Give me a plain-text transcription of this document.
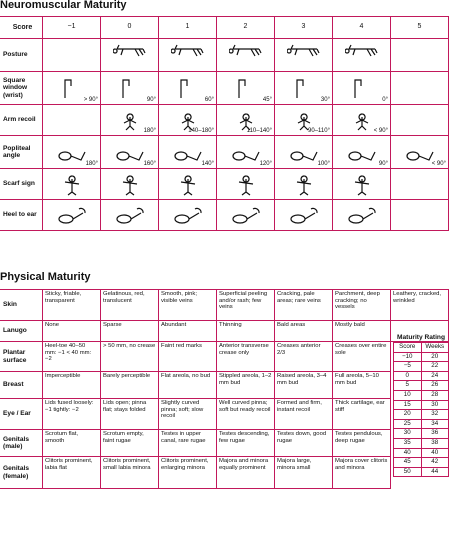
Neuromuscular Maturity
Score	−1	0	1	2	3	4	5
Posture		

Square window (wrist)	> 90°	90°	60°	45°	30°	0°	

Arm recoil		180°	140–180°	110–140°	90–110°	< 90°	

Popliteal angle	180°	160°	140°	120°	100°	90°	< 90°

Scarf sign	

Heel to ear	

Physical Maturity
Skin	Sticky, friable, transparent	Gelatinous, red, translucent	Smooth, pink; visible veins	Superficial peeling and/or rash; few veins	Cracking, pale areas; rare veins	Parchment, deep cracking; no vessels	Leathery, cracked, wrinkled
Lanugo	None	Sparse	Abundant	Thinning	Bald areas	Mostly bald	
Plantar surface	Heel-toe 40–50 mm: −1 < 40 mm: −2	> 50 mm, no crease	Faint red marks	Anterior transverse crease only	Creases anterior 2/3	Creases over entire sole	
Breast	Imperceptible	Barely perceptible	Flat areola, no bud	Stippled areola, 1–2 mm bud	Raised areola, 3–4 mm bud	Full areola, 5–10 mm bud	
Eye / Ear	Lids fused loosely: −1 tightly: −2	Lids open; pinna flat; stays folded	Slightly curved pinna; soft; slow recoil	Well curved pinna; soft but ready recoil	Formed and firm, instant recoil	Thick cartilage, ear stiff	
Genitals (male)	Scrotum flat, smooth	Scrotum empty, faint rugae	Testes in upper canal, rare rugae	Testes descending, few rugae	Testes down, good rugae	Testes pendulous, deep rugae	
Genitals (female)	Clitoris prominent, labia flat	Clitoris prominent, small labia minora	Clitoris prominent, enlarging minora	Majora and minora equally prominent	Majora large, minora small	Majora cover clitoris and minora	
Maturity Rating
Score	Weeks
−10	20
−5	22
0	24
5	26
10	28
15	30
20	32
25	34
30	36
35	38
40	40
45	42
50	44
